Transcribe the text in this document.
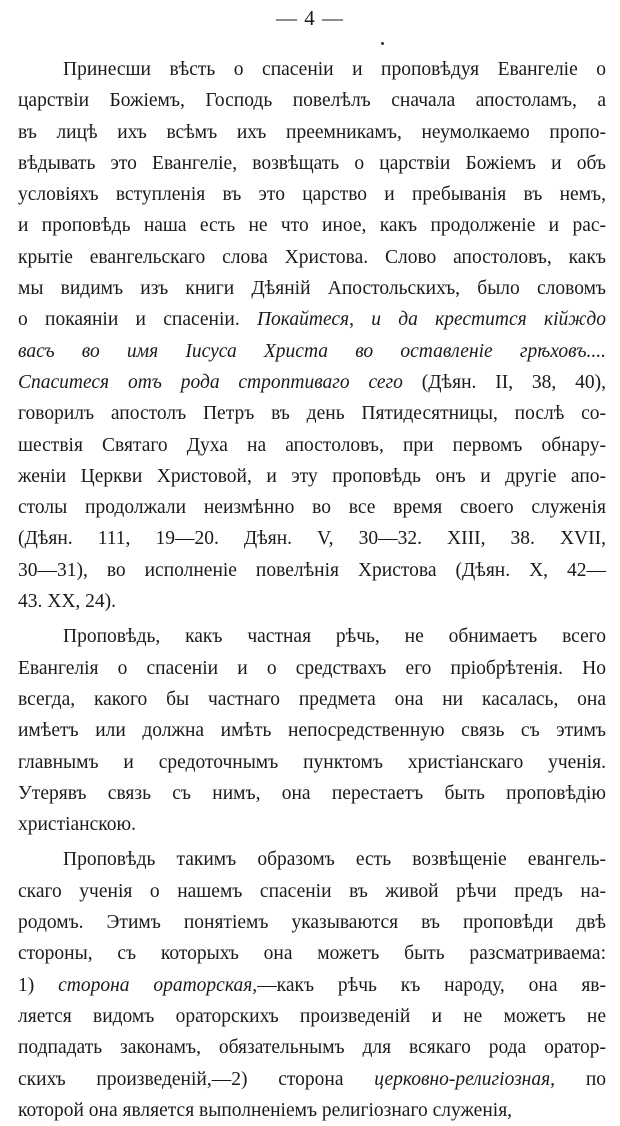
— 4 —
Принесши вѣсть о спасеніи и проповѣдуя Евангеліе о
царствіи Божіемъ, Господь повелѣлъ сначала апостоламъ, а
въ лицѣ ихъ всѣмъ ихъ преемникамъ, неумолкаемо пропо-
вѣдывать это Евангеліе, возвѣщать о царствіи Божіемъ и объ
условіяхъ вступленія въ это царство и пребыванія въ немъ,
и проповѣдь наша есть не что иное, какъ продолженіе и рас-
крытіе евангельскаго слова Христова. Слово апостоловъ, какъ
мы видимъ изъ книги Дѣяній Апостольскихъ, было словомъ
о покаяніи и спасеніи. Покайтеся, и да крестится кійждо
васъ во имя Іисуса Христа во оставленіе грѣховъ....
Спаситеся отъ рода строптиваго сего (Дѣян. II, 38, 40),
говорилъ апостолъ Петръ въ день Пятидесятницы, послѣ со-
шествія Святаго Духа на апостоловъ, при первомъ обнару-
женіи Церкви Христовой, и эту проповѣдь онъ и другіе апо-
столы продолжали неизмѣнно во все время своего служенія
(Дѣян. 111, 19—20. Дѣян. V, 30—32. XIII, 38. XVII,
30—31), во исполненіе повелѣнія Христова (Дѣян. X, 42—
43. XX, 24).
Проповѣдь, какъ частная рѣчь, не обнимаетъ всего
Евангелія о спасеніи и о средствахъ его пріобрѣтенія. Но
всегда, какого бы частнаго предмета она ни касалась, она
имѣетъ или должна имѣть непосредственную связь съ этимъ
главнымъ и средоточнымъ пунктомъ христіанскаго ученія.
Утерявъ связь съ нимъ, она перестаетъ быть проповѣдію
христіанскою.
Проповѣдь такимъ образомъ есть возвѣщеніе евангель-
скаго ученія о нашемъ спасеніи въ живой рѣчи предъ на-
родомъ. Этимъ понятіемъ указываются въ проповѣди двѣ
стороны, съ которыхъ она можетъ быть разсматриваема:
1) сторона ораторская,—какъ рѣчь къ народу, она яв-
ляется видомъ ораторскихъ произведеній и не можетъ не
подпадать законамъ, обязательнымъ для всякаго рода оратор-
скихъ произведеній,—2) сторона церковно-религіозная, по
которой она является выполненіемъ религіознаго служенія,
